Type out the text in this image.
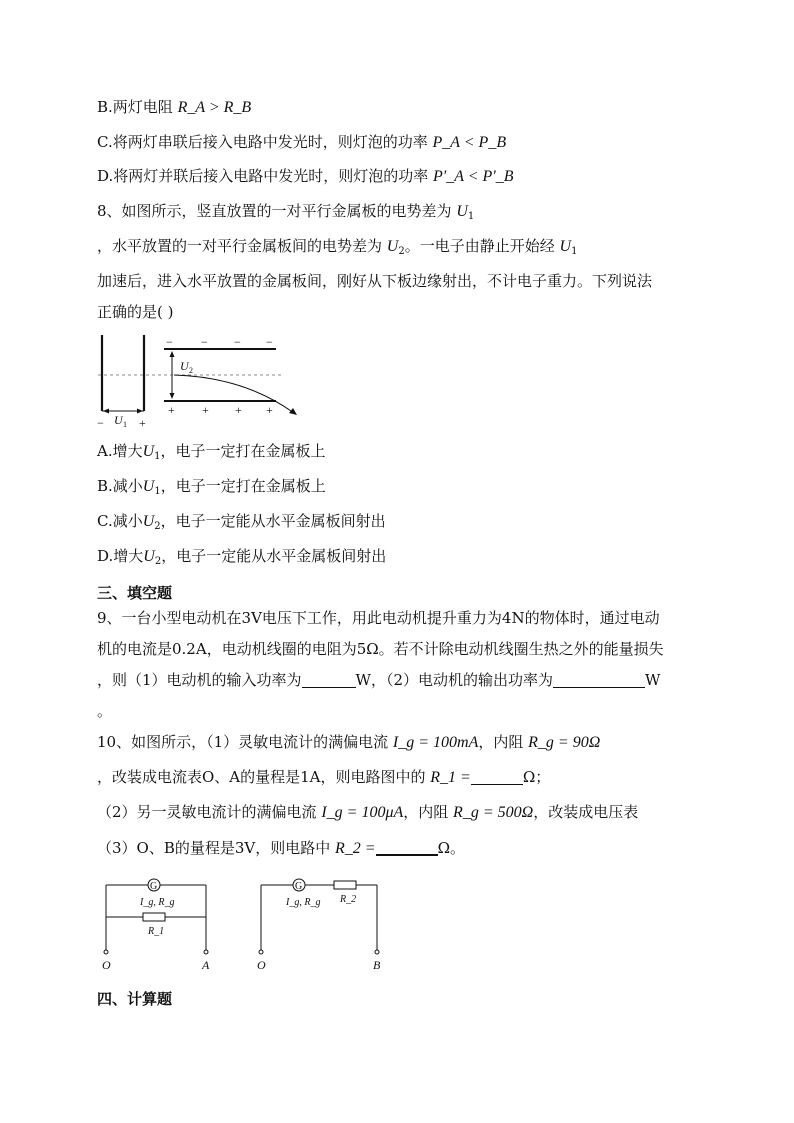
B.两灯电阻 R_A > R_B
C.将两灯串联后接入电路中发光时，则灯泡的功率 P_A < P_B
D.将两灯并联后接入电路中发光时，则灯泡的功率 P'_A < P'_B
8、如图所示，竖直放置的一对平行金属板的电势差为 $U_1$
，水平放置的一对平行金属板间的电势差为 $U_2$。一电子由静止开始经 $U_1$
加速后，进入水平放置的金属板间，刚好从下板边缘射出，不计电子重力。下列说法
正确的是( )
U 2
U 1
−	+
− − − −
+ + + +
A.增大$U_1$，电子一定打在金属板上
B.减小$U_1$，电子一定打在金属板上
C.减小$U_2$，电子一定能从水平金属板间射出
D.增大$U_2$，电子一定能从水平金属板间射出
三、填空题
9、一台小型电动机在3V电压下工作，用此电动机提升重力为4N的物体时，通过电动
机的电流是0.2A，电动机线圈的电阻为5Ω。若不计除电动机线圈生热之外的能量损失
，则（1）电动机的输入功率为	W，（2）电动机的输出功率为	W
。
10、如图所示，（1）灵敏电流计的满偏电流 I_g = 100mA，内阻 R_g = 90Ω
，改装成电流表O、A的量程是1A，则电路图中的 R_1 =	Ω；
（2）另一灵敏电流计的满偏电流 I_g = 100μA，内阻 R_g = 500Ω，改装成电压表
（3）O、B的量程是3V，则电路中 R_2 =	Ω。
G
I_g, R_g
R_1
O	A
G
I_g, R_g R_2
O	B
四、计算题
